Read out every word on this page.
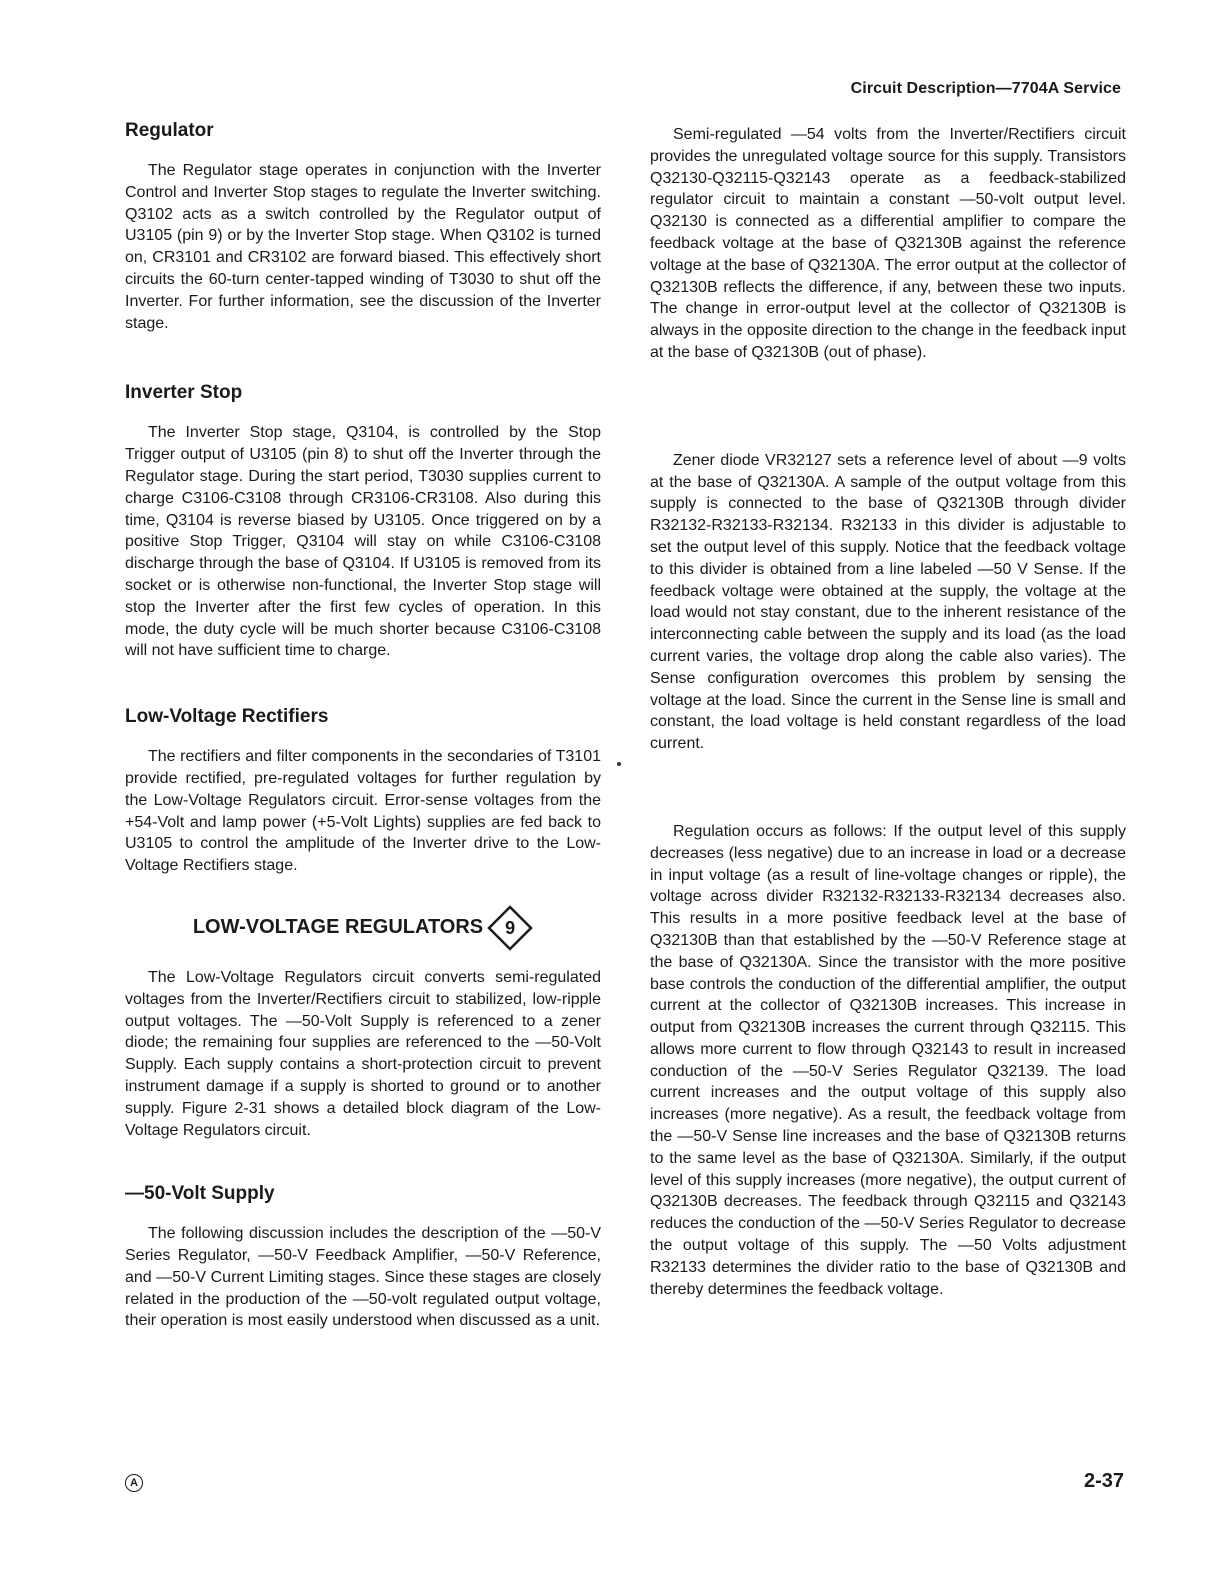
Circuit Description—7704A Service
Regulator

The Regulator stage operates in conjunction with the Inverter Control and Inverter Stop stages to regulate the Inverter switching. Q3102 acts as a switch controlled by the Regulator output of U3105 (pin 9) or by the Inverter Stop stage. When Q3102 is turned on, CR3101 and CR3102 are forward biased. This effectively short circuits the 60-turn center-tapped winding of T3030 to shut off the Inverter. For further information, see the discussion of the Inverter stage.

Inverter Stop

The Inverter Stop stage, Q3104, is controlled by the Stop Trigger output of U3105 (pin 8) to shut off the Inverter through the Regulator stage. During the start period, T3030 supplies current to charge C3106-C3108 through CR3106-CR3108. Also during this time, Q3104 is reverse biased by U3105. Once triggered on by a positive Stop Trigger, Q3104 will stay on while C3106-C3108 discharge through the base of Q3104. If U3105 is removed from its socket or is otherwise non-functional, the Inverter Stop stage will stop the Inverter after the first few cycles of operation. In this mode, the duty cycle will be much shorter because C3106-C3108 will not have sufficient time to charge.

Low-Voltage Rectifiers

The rectifiers and filter components in the secondaries of T3101 provide rectified, pre-regulated voltages for further regulation by the Low-Voltage Regulators circuit. Error-sense voltages from the +54-Volt and lamp power (+5-Volt Lights) supplies are fed back to U3105 to control the amplitude of the Inverter drive to the Low-Voltage Rectifiers stage.

LOW-VOLTAGE REGULATORS	9

The Low-Voltage Regulators circuit converts semi-regulated voltages from the Inverter/Rectifiers circuit to stabilized, low-ripple output voltages. The —50-Volt Supply is referenced to a zener diode; the remaining four supplies are referenced to the —50-Volt Supply. Each supply contains a short-protection circuit to prevent instrument damage if a supply is shorted to ground or to another supply. Figure 2-31 shows a detailed block diagram of the Low-Voltage Regulators circuit.

—50-Volt Supply

The following discussion includes the description of the —50-V Series Regulator, —50-V Feedback Amplifier, —50-V Reference, and —50-V Current Limiting stages. Since these stages are closely related in the production of the —50-volt regulated output voltage, their operation is most easily understood when discussed as a unit.

Semi-regulated —54 volts from the Inverter/Rectifiers circuit provides the unregulated voltage source for this supply. Transistors Q32130-Q32115-Q32143 operate as a feedback-stabilized regulator circuit to maintain a constant —50-volt output level. Q32130 is connected as a differential amplifier to compare the feedback voltage at the base of Q32130B against the reference voltage at the base of Q32130A. The error output at the collector of Q32130B reflects the difference, if any, between these two inputs. The change in error-output level at the collector of Q32130B is always in the opposite direction to the change in the feedback input at the base of Q32130B (out of phase).

Zener diode VR32127 sets a reference level of about —9 volts at the base of Q32130A. A sample of the output voltage from this supply is connected to the base of Q32130B through divider R32132-R32133-R32134. R32133 in this divider is adjustable to set the output level of this supply. Notice that the feedback voltage to this divider is obtained from a line labeled —50 V Sense. If the feedback voltage were obtained at the supply, the voltage at the load would not stay constant, due to the inherent resistance of the interconnecting cable between the supply and its load (as the load current varies, the voltage drop along the cable also varies). The Sense configuration overcomes this problem by sensing the voltage at the load. Since the current in the Sense line is small and constant, the load voltage is held constant regardless of the load current.

Regulation occurs as follows: If the output level of this supply decreases (less negative) due to an increase in load or a decrease in input voltage (as a result of line-voltage changes or ripple), the voltage across divider R32132-R32133-R32134 decreases also. This results in a more positive feedback level at the base of Q32130B than that established by the —50-V Reference stage at the base of Q32130A. Since the transistor with the more positive base controls the conduction of the differential amplifier, the output current at the collector of Q32130B increases. This increase in output from Q32130B increases the current through Q32115. This allows more current to flow through Q32143 to result in increased conduction of the —50-V Series Regulator Q32139. The load current increases and the output voltage of this supply also increases (more negative). As a result, the feedback voltage from the —50-V Sense line increases and the base of Q32130B returns to the same level as the base of Q32130A. Similarly, if the output level of this supply increases (more negative), the output current of Q32130B decreases. The feedback through Q32115 and Q32143 reduces the conduction of the —50-V Series Regulator to decrease the output voltage of this supply. The —50 Volts adjustment R32133 determines the divider ratio to the base of Q32130B and thereby determines the feedback voltage.

A	2-37
